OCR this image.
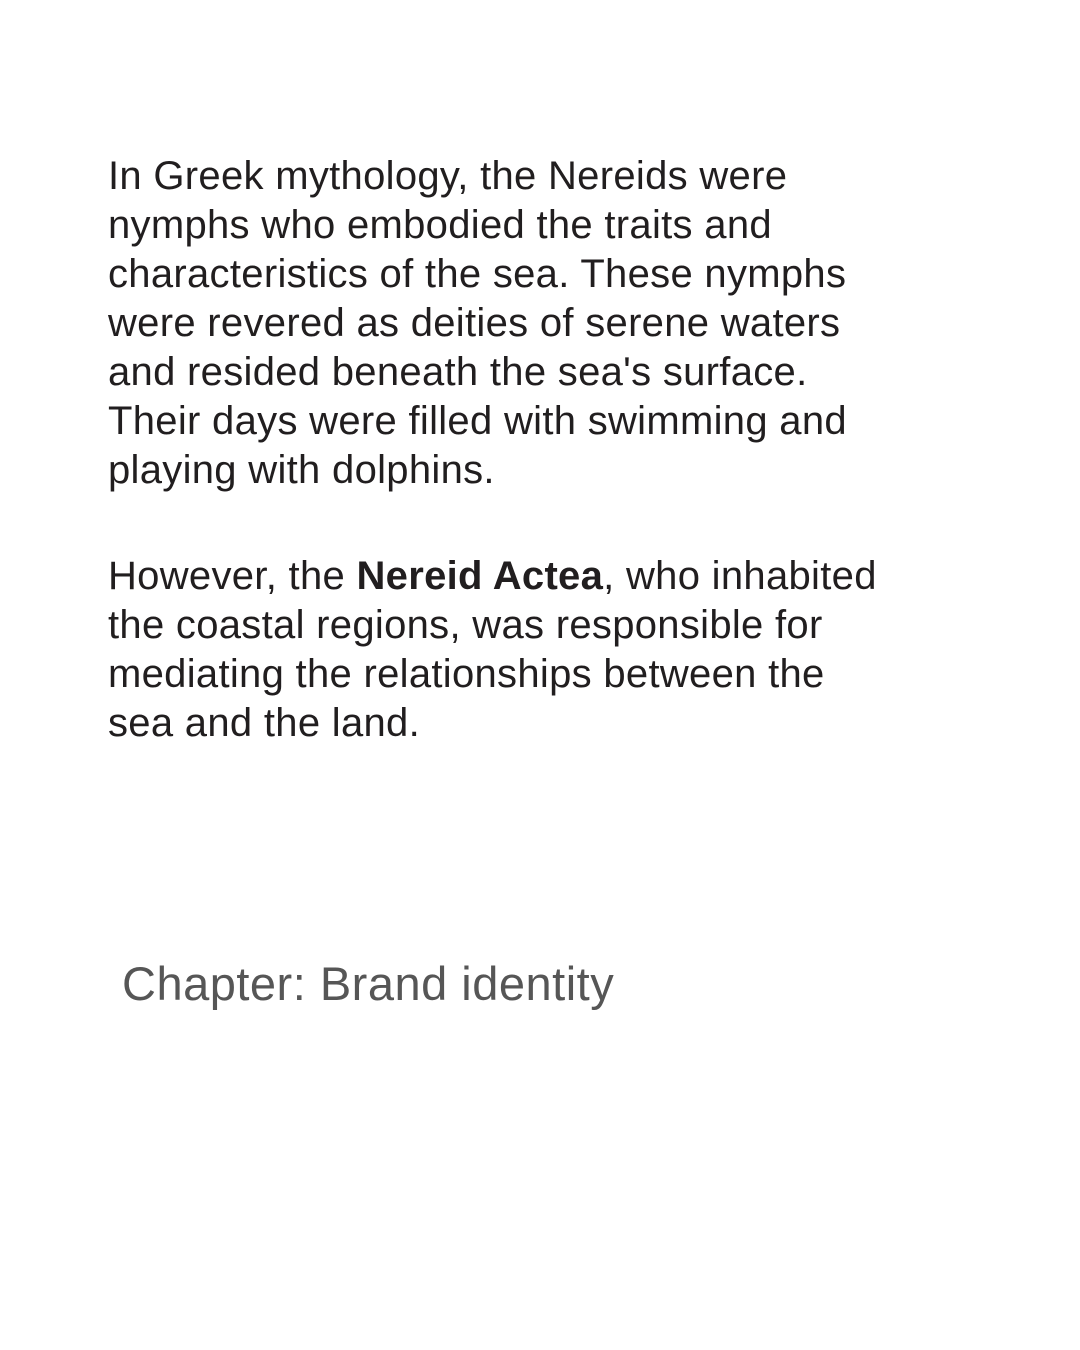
In Greek mythology, the Nereids were
nymphs who embodied the traits and
characteristics of the sea. These nymphs
were revered as deities of serene waters
and resided beneath the sea's surface.
Their days were filled with swimming and
playing with dolphins.
However, the Nereid Actea, who inhabited
the coastal regions, was responsible for
mediating the relationships between the
sea and the land.
Chapter: Brand identity
